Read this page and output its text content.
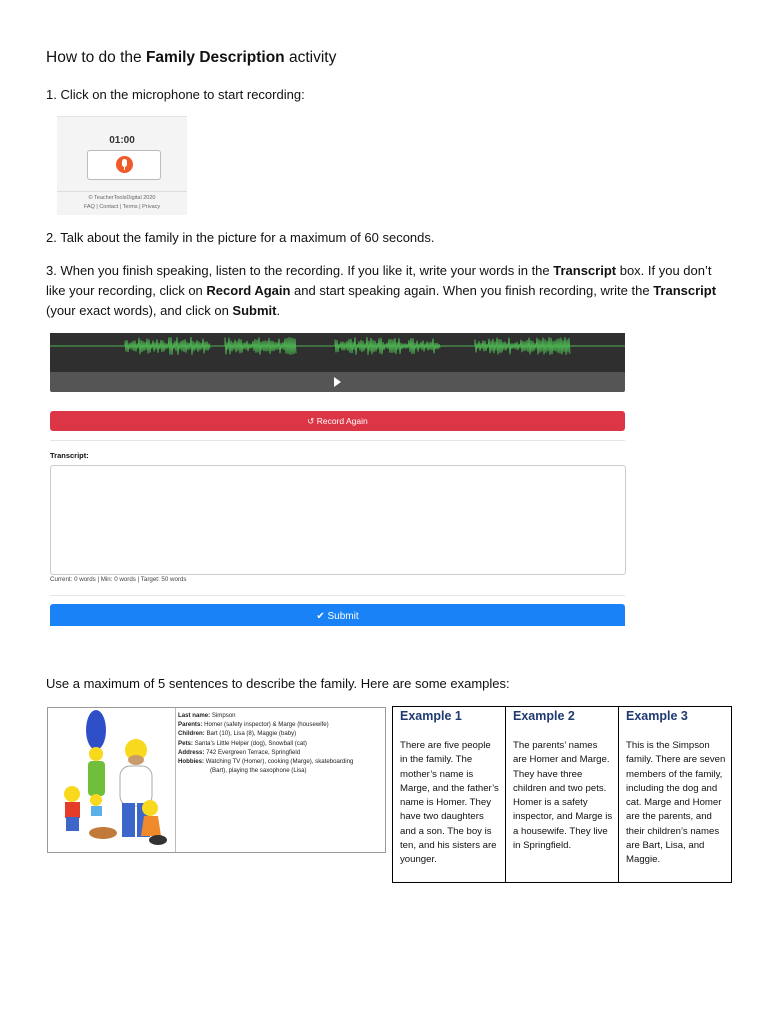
How to do the Family Description activity
1. Click on the microphone to start recording:
01:00
© TeacherToolsDigital 2020
FAQ | Contact | Terms | Privacy
2. Talk about the family in the picture for a maximum of 60 seconds.
3. When you finish speaking, listen to the recording. If you like it, write your words in the Transcript box. If you don’t like your recording, click on Record Again and start speaking again. When you finish recording, write the Transcript (your exact words), and click on Submit.
↺ Record Again
Transcript:
Current: 0 words | Min: 0 words | Target: 50 words
✔ Submit
Use a maximum of 5 sentences to describe the family. Here are some examples:
Last name: Simpson
Parents: Homer (safety inspector) & Marge (housewife)
Children: Bart (10), Lisa (8), Maggie (baby)
Pets: Santa’s Little Helper (dog), Snowball (cat)
Address: 742 Evergreen Terrace, Springfield
Hobbies: Watching TV (Homer), cooking (Marge), skateboarding
(Bart), playing the saxophone (Lisa)
Example 1

There are five people in the family. The mother’s name is Marge, and the father’s name is Homer. They have two daughters and a son. The boy is ten, and his sisters are younger.

Example 2

The parents’ names are Homer and Marge. They have three children and two pets. Homer is a safety inspector, and Marge is a housewife. They live in Springfield.

Example 3

This is the Simpson family. There are seven members of the family, including the dog and cat. Marge and Homer are the parents, and their children’s names are Bart, Lisa, and Maggie.
